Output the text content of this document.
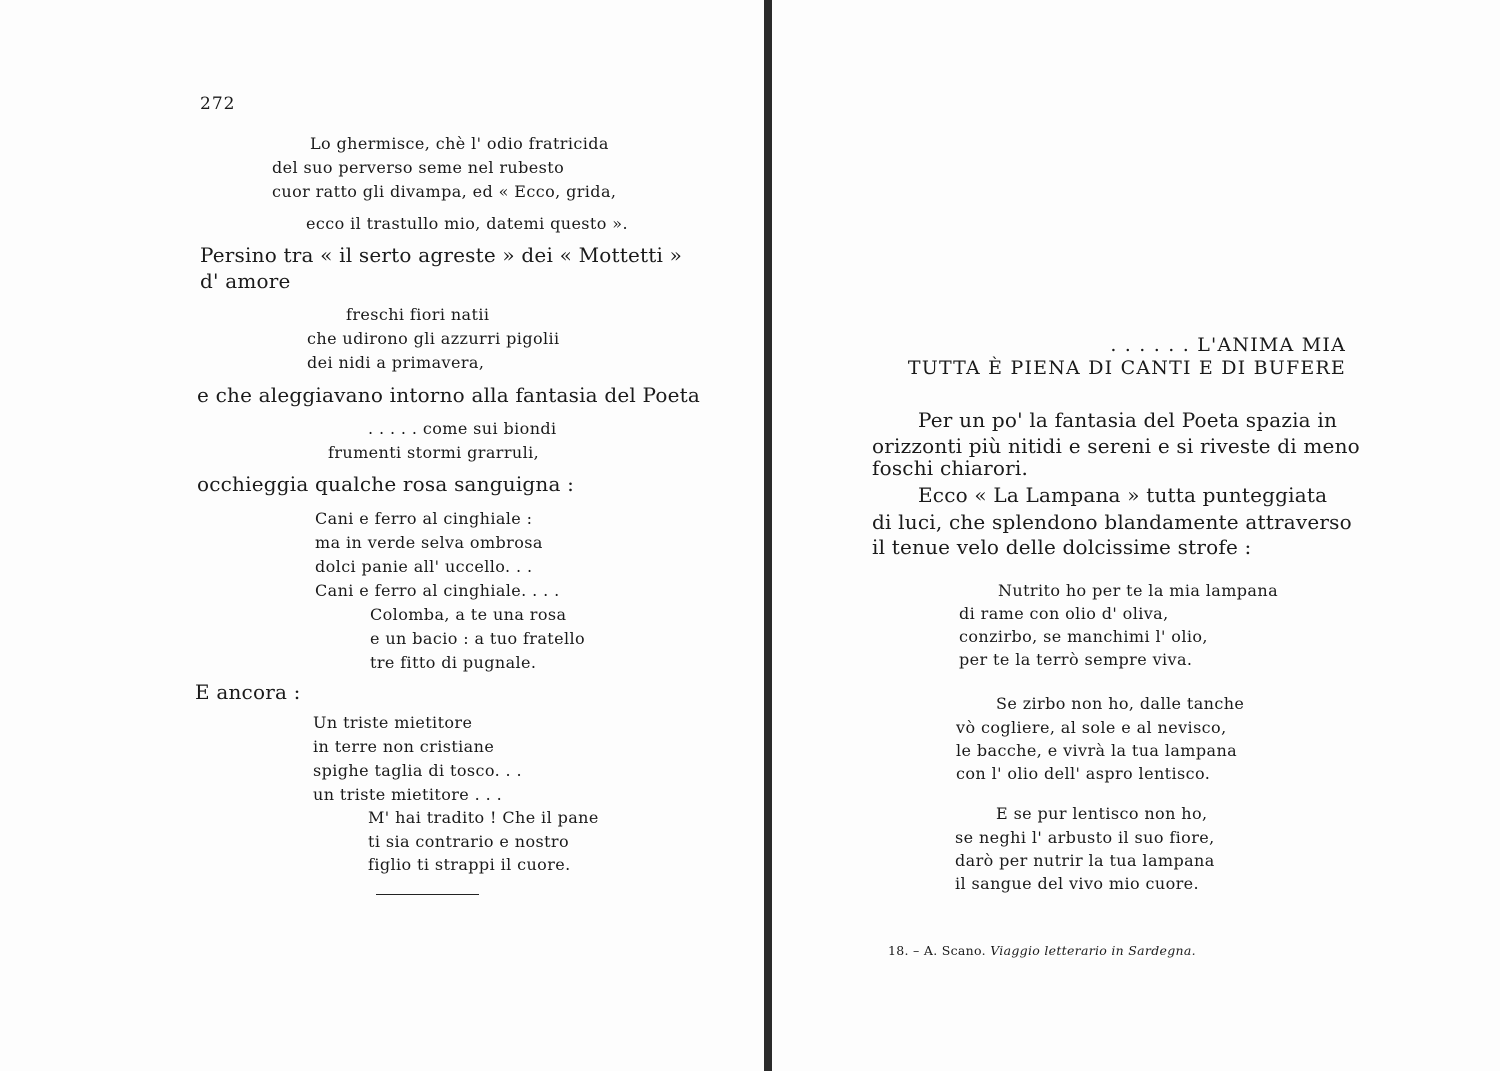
272
Lo ghermisce, chè l' odio fratricida
del suo perverso seme nel rubesto
cuor ratto gli divampa, ed « Ecco, grida,
ecco il trastullo mio, datemi questo ».
Persino tra « il serto agreste » dei « Mottetti »
d' amore
freschi fiori natii
che udirono gli azzurri pigolii
dei nidi a primavera,
e che aleggiavano intorno alla fantasia del Poeta
. . . . . come sui biondi
frumenti stormi grarruli,
occhieggia qualche rosa sanguigna :
Cani e ferro al cinghiale :
ma in verde selva ombrosa
dolci panie all' uccello. . .
Cani e ferro al cinghiale. . . .
Colomba, a te una rosa
e un bacio : a tuo fratello
tre fitto di pugnale.
E ancora :
Un triste mietitore
in terre non cristiane
spighe taglia di tosco. . .
un triste mietitore . . .
M' hai tradito ! Che il pane
ti sia contrario e nostro
figlio ti strappi il cuore.
. . . . . . L'ANIMA MIA
TUTTA È PIENA DI CANTI E DI BUFERE
Per un po' la fantasia del Poeta spazia in
orizzonti più nitidi e sereni e si riveste di meno
foschi chiarori.
Ecco « La Lampana » tutta punteggiata
di luci, che splendono blandamente attraverso
il tenue velo delle dolcissime strofe :
Nutrito ho per te la mia lampana
di rame con olio d' oliva,
conzirbo, se manchimi l' olio,
per te la terrò sempre viva.
Se zirbo non ho, dalle tanche
vò cogliere, al sole e al nevisco,
le bacche, e vivrà la tua lampana
con l' olio dell' aspro lentisco.
E se pur lentisco non ho,
se neghi l' arbusto il suo fiore,
darò per nutrir la tua lampana
il sangue del vivo mio cuore.
18. – A. Scano. Viaggio letterario in Sardegna.
